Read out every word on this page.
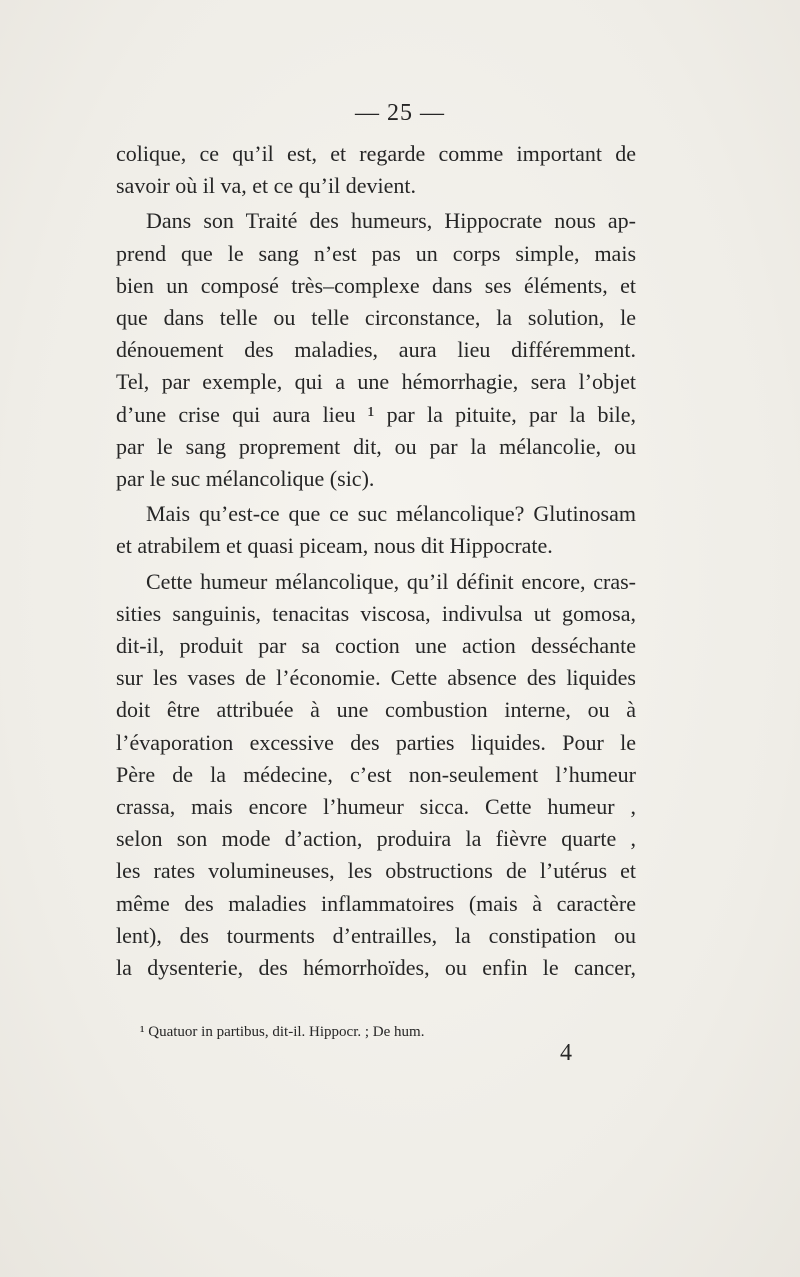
— 25 —
colique, ce qu’il est, et regarde comme important de
savoir où il va, et ce qu’il devient.
Dans son Traité des humeurs, Hippocrate nous ap-
prend que le sang n’est pas un corps simple, mais
bien un composé très–complexe dans ses éléments, et
que dans telle ou telle circonstance, la solution, le
dénouement des maladies, aura lieu différemment.
Tel, par exemple, qui a une hémorrhagie, sera l’objet
d’une crise qui aura lieu ¹ par la pituite, par la bile,
par le sang proprement dit, ou par la mélancolie, ou
par le suc mélancolique (sic).
Mais qu’est-ce que ce suc mélancolique? Glutinosam
et atrabilem et quasi piceam, nous dit Hippocrate.
Cette humeur mélancolique, qu’il définit encore, cras-
sities sanguinis, tenacitas viscosa, indivulsa ut gomosa,
dit-il, produit par sa coction une action desséchante
sur les vases de l’économie. Cette absence des liquides
doit être attribuée à une combustion interne, ou à
l’évaporation excessive des parties liquides. Pour le
Père de la médecine, c’est non-seulement l’humeur
crassa, mais encore l’humeur sicca. Cette humeur ,
selon son mode d’action, produira la fièvre quarte ,
les rates volumineuses, les obstructions de l’utérus et
même des maladies inflammatoires (mais à caractère
lent), des tourments d’entrailles, la constipation ou
la dysenterie, des hémorrhoïdes, ou enfin le cancer,
¹ Quatuor in partibus, dit-il. Hippocr. ; De hum.
4
